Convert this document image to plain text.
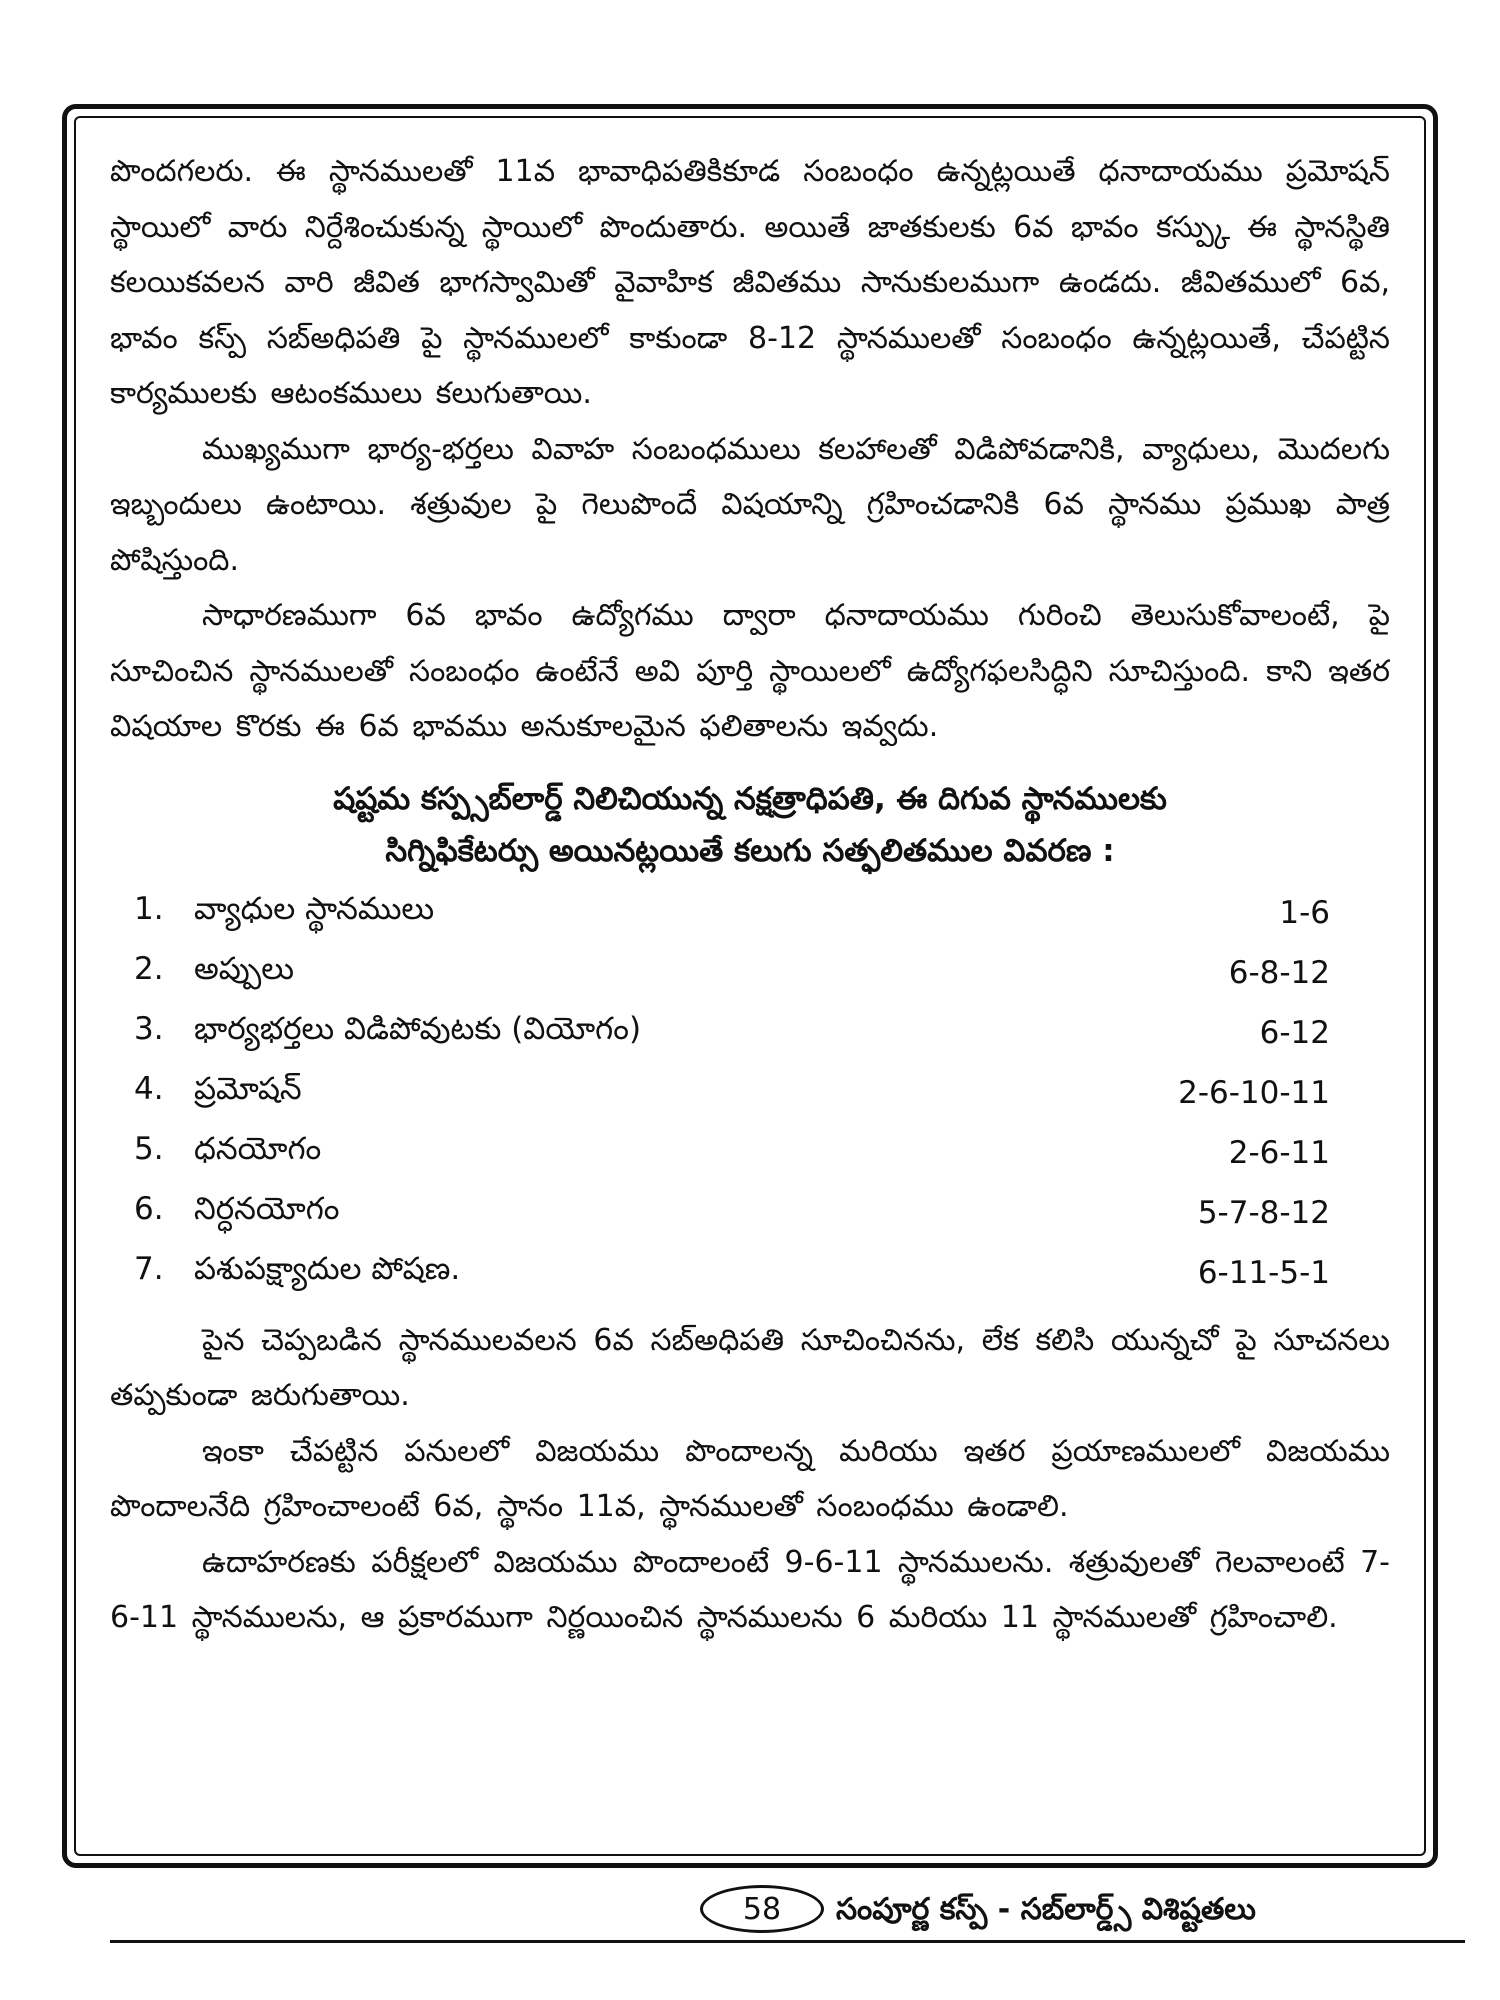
పొందగలరు. ఈ స్థానములతో 11వ భావాధిపతికికూడ సంబంధం ఉన్నట్లయితే ధనాదాయము ప్రమోషన్ స్థాయిలో వారు నిర్దేశించుకున్న స్థాయిలో పొందుతారు. అయితే జాతకులకు 6వ భావం కస్ప్కు ఈ స్థానస్థితి కలయికవలన వారి జీవిత భాగస్వామితో వైవాహిక జీవితము సానుకులముగా ఉండదు. జీవితములో 6వ, భావం కస్ప్ సబ్అధిపతి పై స్థానములలో కాకుండా 8-12 స్థానములతో సంబంధం ఉన్నట్లయితే, చేపట్టిన కార్యములకు ఆటంకములు కలుగుతాయి.

ముఖ్యముగా భార్య-భర్తలు వివాహ సంబంధములు కలహాలతో విడిపోవడానికి, వ్యాధులు, మొదలగు ఇబ్బందులు ఉంటాయి. శత్రువుల పై గెలుపొందే విషయాన్ని గ్రహించడానికి 6వ స్థానము ప్రముఖ పాత్ర పోషిస్తుంది.

సాధారణముగా 6వ భావం ఉద్యోగము ద్వారా ధనాదాయము గురించి తెలుసుకోవాలంటే, పై సూచించిన స్థానములతో సంబంధం ఉంటేనే అవి పూర్తి స్థాయిలలో ఉద్యోగఫలసిద్ధిని సూచిస్తుంది. కాని ఇతర విషయాల కొరకు ఈ 6వ భావము అనుకూలమైన ఫలితాలను ఇవ్వదు.

షష్టమ కస్ప్సబ్‌లార్డ్ నిలిచియున్న నక్షత్రాధిపతి, ఈ దిగువ స్థానములకు
సిగ్నిఫికేటర్సు అయినట్లయితే కలుగు సత్ఫలితముల వివరణ :
1. వ్యాధుల స్థానములు	1-6
2. అప్పులు	6-8-12
3. భార్యభర్తలు విడిపోవుటకు (వియోగం)	6-12
4. ప్రమోషన్	2-6-10-11
5. ధనయోగం	2-6-11
6. నిర్ధనయోగం	5-7-8-12
7. పశుపక్ష్యాదుల పోషణ.	6-11-5-1

పైన చెప్పబడిన స్థానములవలన 6వ సబ్అధిపతి సూచించినను, లేక కలిసి యున్నచో పై సూచనలు తప్పకుండా జరుగుతాయి.

ఇంకా చేపట్టిన పనులలో విజయము పొందాలన్న మరియు ఇతర ప్రయాణములలో విజయము పొందాలనేది గ్రహించాలంటే 6వ, స్థానం 11వ, స్థానములతో సంబంధము ఉండాలి.

ఉదాహరణకు పరీక్షలలో విజయము పొందాలంటే 9-6-11 స్థానములను. శత్రువులతో గెలవాలంటే 7-6-11 స్థానములను, ఆ ప్రకారముగా నిర్ణయించిన స్థానములను 6 మరియు 11 స్థానములతో గ్రహించాలి.

58	సంపూర్ణ కస్ప్ - సబ్‌లార్డ్స్ విశిష్టతలు
